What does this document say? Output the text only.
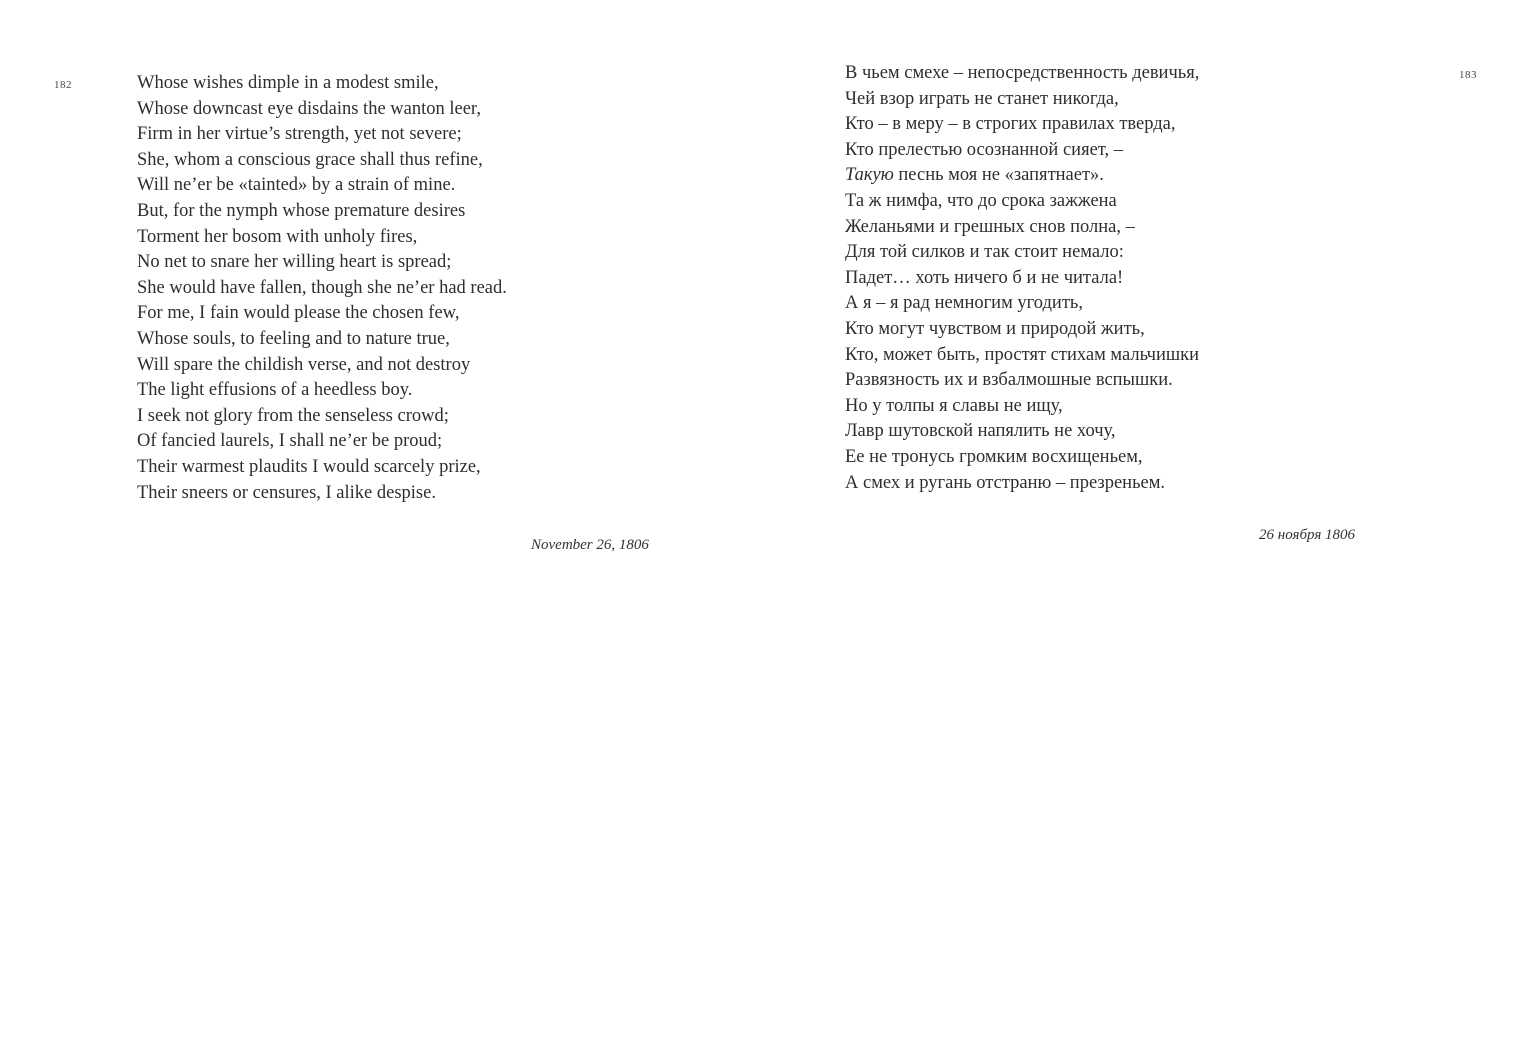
182	Whose wishes dimple in a modest smile,
Whose downcast eye disdains the wanton leer,
Firm in her virtue’s strength, yet not severe;
She, whom a conscious grace shall thus refine,
Will ne’er be «tainted» by a strain of mine.
But, for the nymph whose premature desires
Torment her bosom with unholy fires,
No net to snare her willing heart is spread;
She would have fallen, though she ne’er had read.
For me, I fain would please the chosen few,
Whose souls, to feeling and to nature true,
Will spare the childish verse, and not destroy
The light effusions of a heedless boy.
I seek not glory from the senseless crowd;
Of fancied laurels, I shall ne’er be proud;
Their warmest plaudits I would scarcely prize,
Their sneers or censures, I alike despise.
November 26, 1806
183
В чьем смехе – непосредственность девичья,
Чей взор играть не станет никогда,
Кто – в меру – в строгих правилах тверда,
Кто прелестью осознанной сияет, –
Такую песнь моя не «запятнает».
Та ж нимфа, что до срока зажжена
Желаньями и грешных снов полна, –
Для той силков и так стоит немало:
Падет… хоть ничего б и не читала!
А я – я рад немногим угодить,
Кто могут чувством и природой жить,
Кто, может быть, простят стихам мальчишки
Развязность их и взбалмошные вспышки.
Но у толпы я славы не ищу,
Лавр шутовской напялить не хочу,
Ее не тронусь громким восхищеньем,
А смех и ругань отстраню – презреньем.
26 ноября 1806
